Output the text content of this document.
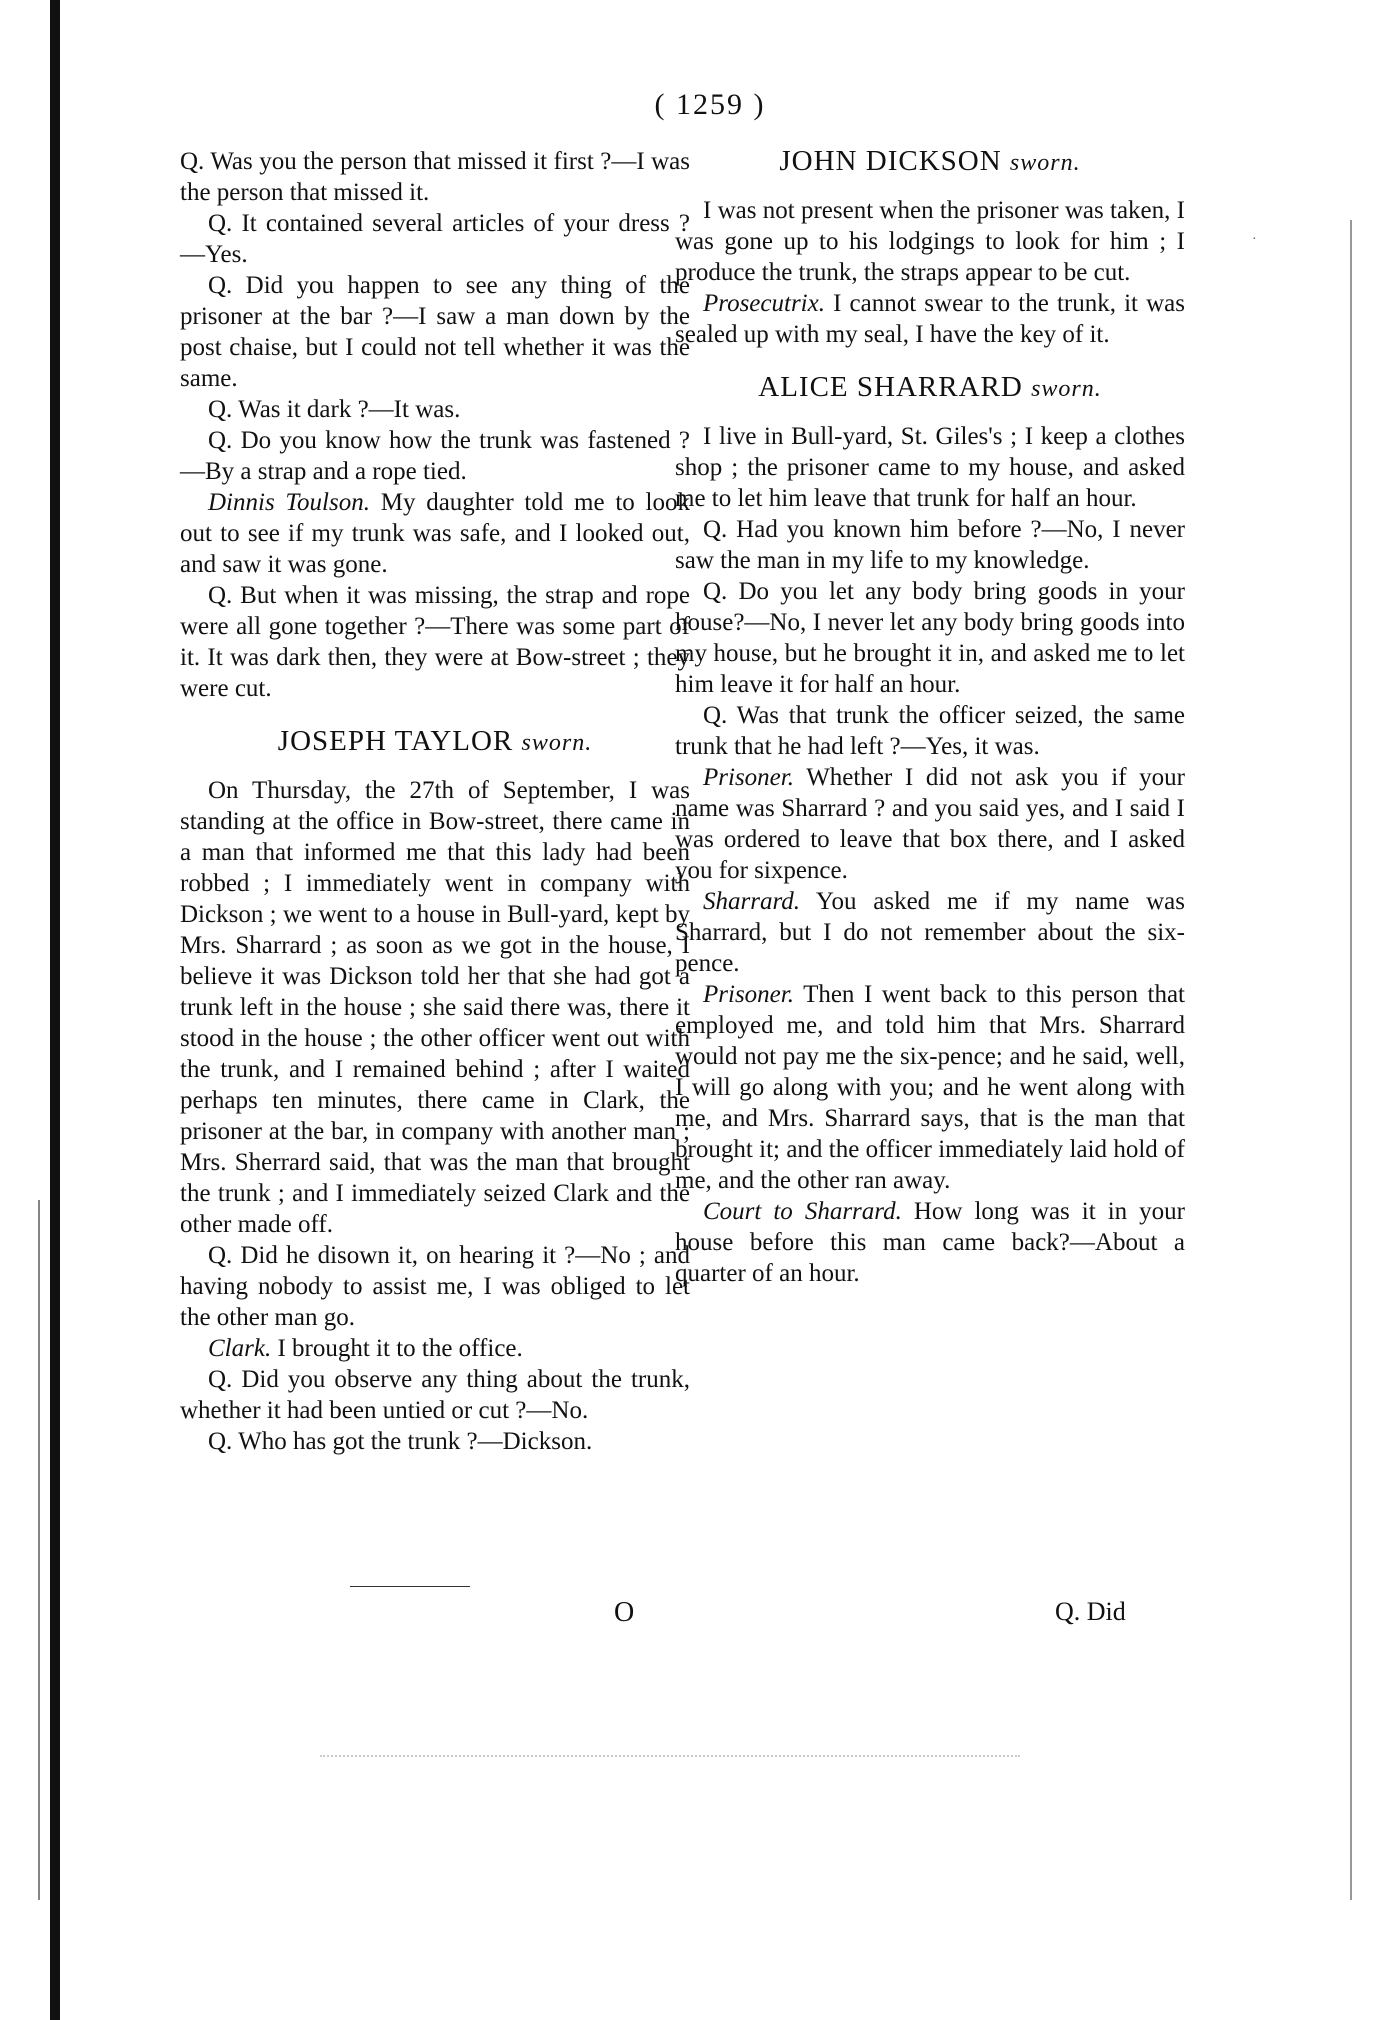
·
( 1259 )

Q. Was you the person that missed it first ?—I was the person that missed it.

Q. It contained several articles of your dress ?—Yes.

Q. Did you happen to see any thing of the prisoner at the bar ?—I saw a man down by the post chaise, but I could not tell whether it was the same.

Q. Was it dark ?—It was.

Q. Do you know how the trunk was fastened ?—By a strap and a rope tied.

Dinnis Toulson. My daughter told me to look out to see if my trunk was safe, and I looked out, and saw it was gone.

Q. But when it was missing, the strap and rope were all gone together ?—There was some part of it. It was dark then, they were at Bow-street ; they were cut.

JOSEPH TAYLOR sworn.

On Thursday, the 27th of September, I was standing at the office in Bow-street, there came in a man that informed me that this lady had been robbed ; I immediately went in company with Dickson ; we went to a house in Bull-yard, kept by Mrs. Sharrard ; as soon as we got in the house, I believe it was Dickson told her that she had got a trunk left in the house ; she said there was, there it stood in the house ; the other officer went out with the trunk, and I remained behind ; after I waited perhaps ten minutes, there came in Clark, the prisoner at the bar, in company with another man ; Mrs. Sherrard said, that was the man that brought the trunk ; and I immediately seized Clark and the other made off.

Q. Did he disown it, on hearing it ?—No ; and having nobody to assist me, I was obliged to let the other man go.

Clark. I brought it to the office.

Q. Did you observe any thing about the trunk, whether it had been untied or cut ?—No.

Q. Who has got the trunk ?—Dickson.

JOHN DICKSON sworn.

I was not present when the prisoner was taken, I was gone up to his lodgings to look for him ; I produce the trunk, the straps appear to be cut.

Prosecutrix. I cannot swear to the trunk, it was sealed up with my seal, I have the key of it.

ALICE SHARRARD sworn.

I live in Bull-yard, St. Giles's ; I keep a clothes shop ; the prisoner came to my house, and asked me to let him leave that trunk for half an hour.

Q. Had you known him before ?—No, I never saw the man in my life to my knowledge.

Q. Do you let any body bring goods in your house?—No, I never let any body bring goods into my house, but he brought it in, and asked me to let him leave it for half an hour.

Q. Was that trunk the officer seized, the same trunk that he had left ?—Yes, it was.

Prisoner. Whether I did not ask you if your name was Sharrard ? and you said yes, and I said I was ordered to leave that box there, and I asked you for sixpence.

Sharrard. You asked me if my name was Sharrard, but I do not remember about the six-pence.

Prisoner. Then I went back to this person that employed me, and told him that Mrs. Sharrard would not pay me the six-pence; and he said, well, I will go along with you; and he went along with me, and Mrs. Sharrard says, that is the man that brought it; and the officer immediately laid hold of me, and the other ran away.

Court to Sharrard. How long was it in your house before this man came back?—About a quarter of an hour.

O	Q. Did
